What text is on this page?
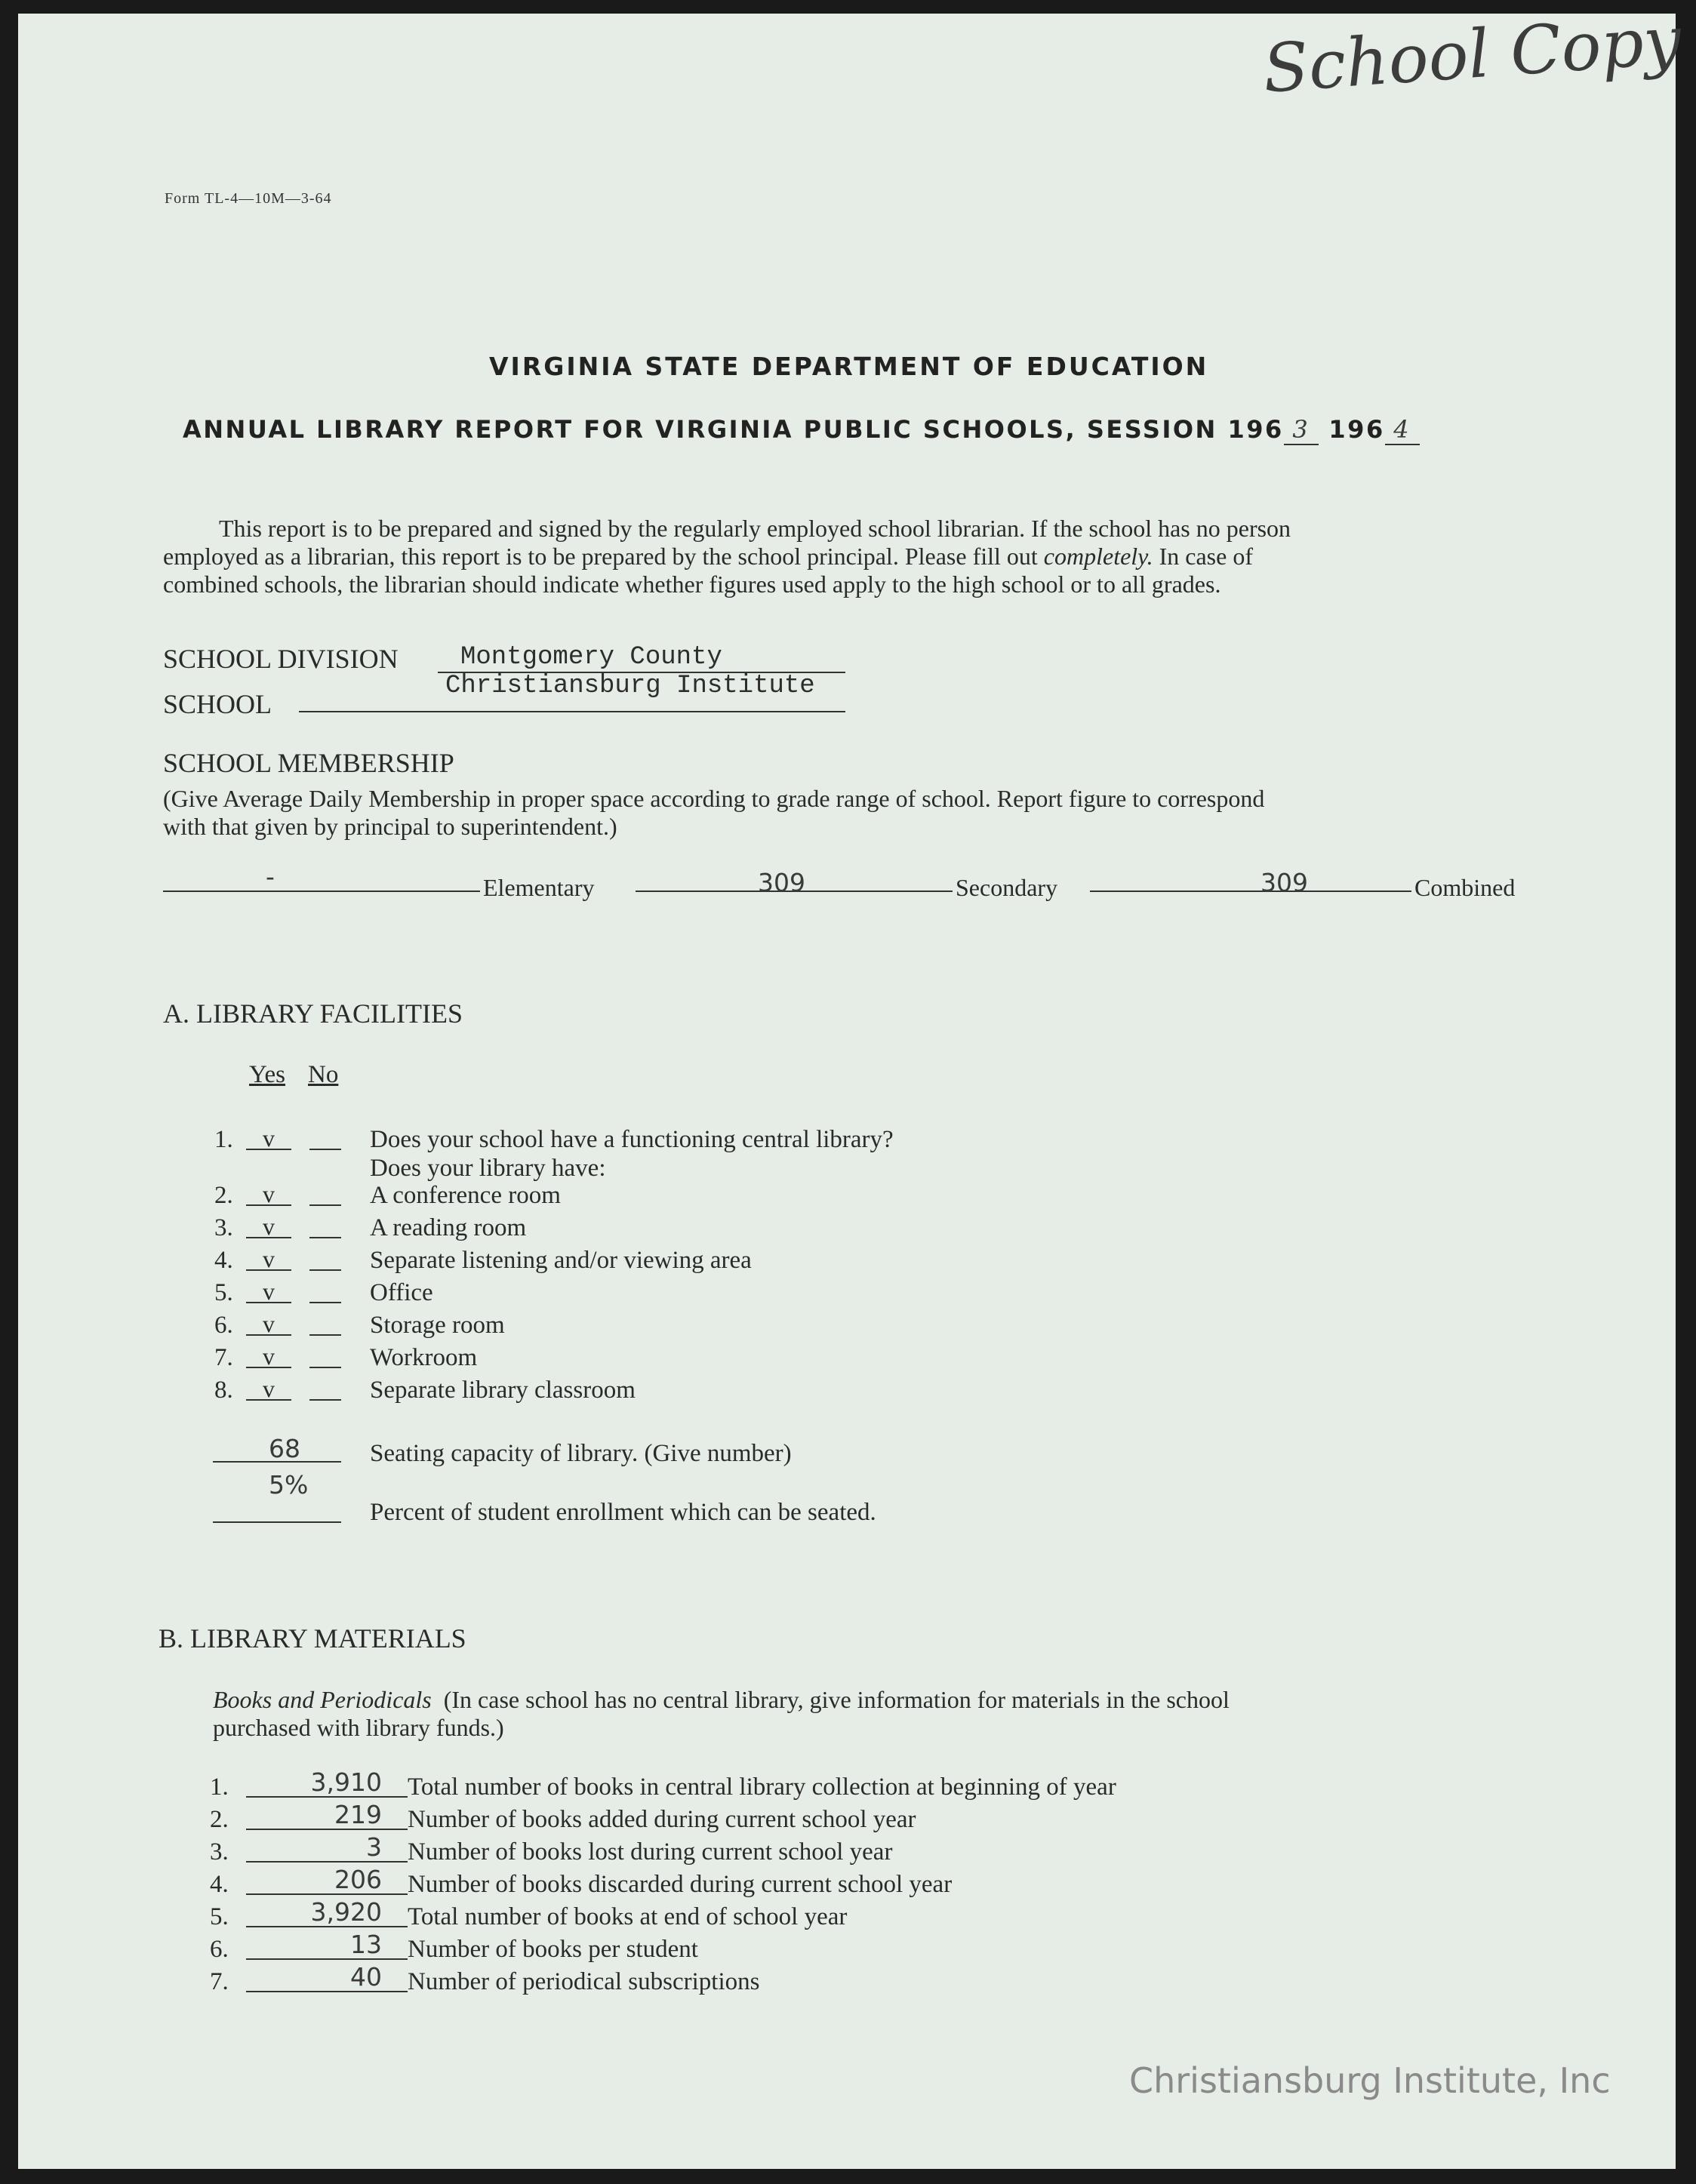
School Copy
Form TL-4—10M—3-64
VIRGINIA STATE DEPARTMENT OF EDUCATION
ANNUAL LIBRARY REPORT FOR VIRGINIA PUBLIC SCHOOLS, SESSION 196 3 196 4
This report is to be prepared and signed by the regularly employed school librarian. If the school has no person
employed as a librarian, this report is to be prepared by the school principal. Please fill out completely. In case of
combined schools, the librarian should indicate whether figures used apply to the high school or to all grades.
SCHOOL DIVISION Montgomery County
SCHOOL
Christiansburg Institute
SCHOOL MEMBERSHIP
(Give Average Daily Membership in proper space according to grade range of school. Report figure to correspond
with that given by principal to superintendent.)
-	Elementary	309	Secondary	309	Combined
A. LIBRARY FACILITIES
Yes No
1. v	Does your school have a functioning central library?
Does your library have:
2. v	A conference room
3. v	A reading room
4. v	Separate listening and/or viewing area
5. v	Office
6. v	Storage room
7. v	Workroom
8. v	Separate library classroom
68	Seating capacity of library. (Give number)
5%
Percent of student enrollment which can be seated.
B. LIBRARY MATERIALS
Books and Periodicals (In case school has no central library, give information for materials in the school
purchased with library funds.)
1.	3,910 Total number of books in central library collection at beginning of year
2.	219 Number of books added during current school year
3.	3 Number of books lost during current school year
4.	206 Number of books discarded during current school year
5.	3,920 Total number of books at end of school year
6.	13 Number of books per student
7.	40 Number of periodical subscriptions
Christiansburg Institute, Inc
